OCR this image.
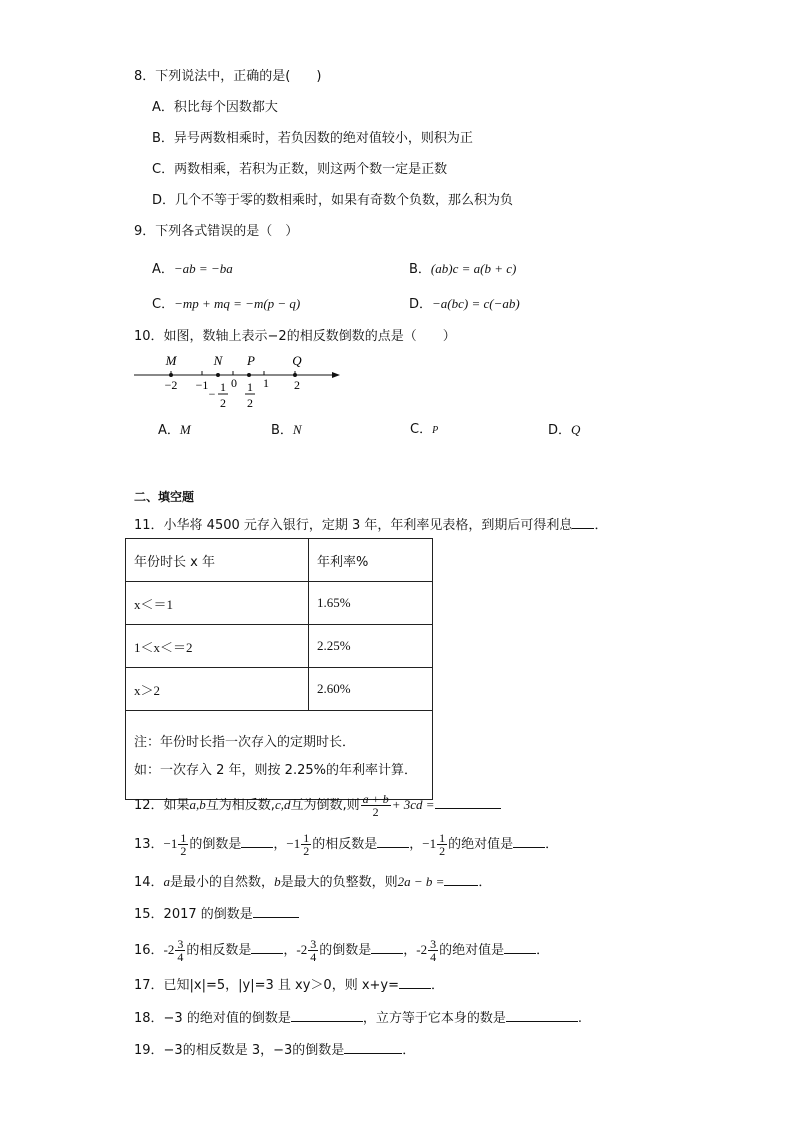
8．下列说法中，正确的是(　　)
A．积比每个因数都大
B．异号两数相乘时，若负因数的绝对值较小，则积为正
C．两数相乘，若积为正数，则这两个数一定是正数
D．几个不等于零的数相乘时，如果有奇数个负数，那么积为负
9．下列各式错误的是（　）
A．−ab = −ba	B．(ab)c = a(b + c)
C．−mp + mq = −m(p − q)	D．−a(bc) = c(−ab)
10．如图，数轴上表示−2的相反数倒数的点是（　　）
M	N P	Q
−2 −1 0 1 2
− 1
2
1
2
A．M	B．N	C．P	D．Q
二、填空题
11．小华将 4500 元存入银行，定期 3 年，年利率见表格，到期后可得利息 ．
年份时长 x 年	年利率%
x＜＝1	1.65%
1＜x＜＝2	2.25%
x＞2	2.60%

注：年份时长指一次存入的定期时长．
如：一次存入 2 年，则按 2.25%的年利率计算．	
12．如果a,b互为相反数,c,d互为倒数,则 $\frac{a + b}{2} + 3cd$ =
13．$-1 \frac{1}{2}$ 的倒数是 ，$-1 \frac{1}{2}$ 的相反数是 ，$-1 \frac{1}{2}$ 的绝对值是 ．
14．a是最小的自然数，b是最大的负整数，则2a − b =	．
15．2017 的倒数是
16．$-2 \frac{3}{4}$ 的相反数是 ，$-2 \frac{3}{4}$ 的倒数是 ，$-2 \frac{3}{4}$ 的绝对值是 ．
17．已知|x|=5，|y|=3 且 xy＞0，则 x+y= ．
18．−3 的绝对值的倒数是	，立方等于它本身的数是	.
19．−3的相反数是 3，−3的倒数是	．
